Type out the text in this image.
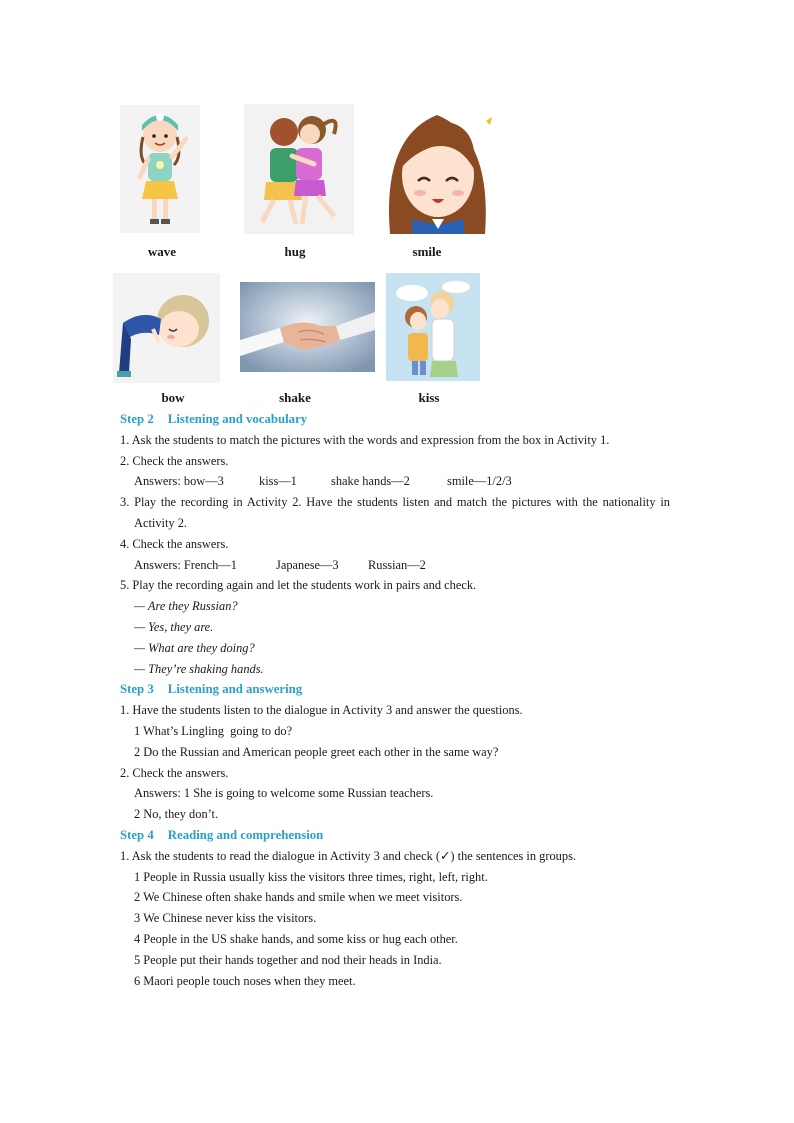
wave	hug	smile
bow	shake	kiss
Step 2 Listening and vocabulary
1. Ask the students to match the pictures with the words and expression from the box in Activity 1.
2. Check the answers.
Answers: bow—3	kiss—1	shake hands—2	smile—1/2/3
3. Play the recording in Activity 2. Have the students listen and match the pictures with the nationality in Activity 2.
4. Check the answers.
Answers: French—1	Japanese—3 Russian—2
5. Play the recording again and let the students work in pairs and check.
— Are they Russian?
— Yes, they are.
— What are they doing?
— They’re shaking hands.
Step 3 Listening and answering
1. Have the students listen to the dialogue in Activity 3 and answer the questions.
1 What’s Lingling  going to do?
2 Do the Russian and American people greet each other in the same way?
2. Check the answers.
Answers: 1 She is going to welcome some Russian teachers.
2 No, they don’t.
Step 4 Reading and comprehension
1. Ask the students to read the dialogue in Activity 3 and check (✓) the sentences in groups.
1 People in Russia usually kiss the visitors three times, right, left, right.
2 We Chinese often shake hands and smile when we meet visitors.
3 We Chinese never kiss the visitors.
4 People in the US shake hands, and some kiss or hug each other.
5 People put their hands together and nod their heads in India.
6 Maori people touch noses when they meet.
